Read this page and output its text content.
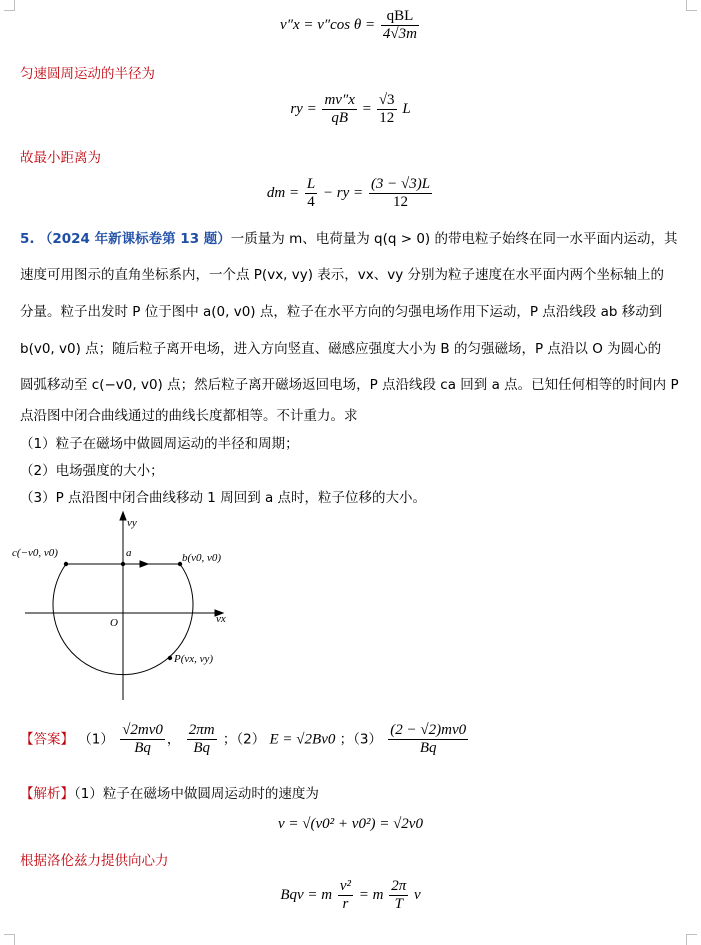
v″x = v″cos $\theta = \frac{\text{qBL}}{4√3m}$
匀速圆周运动的半径为
ry = $\frac{mv''x}{qB} = \frac{√3}{12}$ L
故最小距离为
dm = $\frac{L}{4}$ − ry = $\frac{(3 - √3)L}{12}$
5. （2024 年新课标卷第 13 题）一质量为 m、电荷量为 q(q > 0) 的带电粒子始终在同一水平面内运动，其
速度可用图示的直角坐标系内，一个点 P(vx, vy) 表示，vx、vy 分别为粒子速度在水平面内两个坐标轴上的
分量。粒子出发时 P 位于图中 a(0, v0) 点，粒子在水平方向的匀强电场作用下运动，P 点沿线段 ab 移动到
b(v0, v0) 点；随后粒子离开电场，进入方向竖直、磁感应强度大小为 B 的匀强磁场，P 点沿以 O 为圆心的
圆弧移动至 c(−v0, v0) 点；然后粒子离开磁场返回电场，P 点沿线段 ca 回到 a 点。已知任何相等的时间内 P
点沿图中闭合曲线通过的曲线长度都相等。不计重力。求
（1）粒子在磁场中做圆周运动的半径和周期；
（2）电场强度的大小；
（3）P 点沿图中闭合曲线移动 1 周回到 a 点时，粒子位移的大小。
c(−v0, v0)	a	b(v0, v0)
O	vx
vy
P(vx, vy)
【答案】 $(1) \frac{√2mv0}{Bq}$ ， $\frac{2\pi m}{Bq}$ ；（2） E = √2Bv0 ；$(3) \frac{(2 - √2)mv0}{Bq}$
【解析】（1）粒子在磁场中做圆周运动时的速度为
v = √(v0² + v0²) = √2v0
根据洛伦兹力提供向心力
Bqv = m $\frac{\text{v²}}{r} = m \frac{2\pi}{T}$ v
